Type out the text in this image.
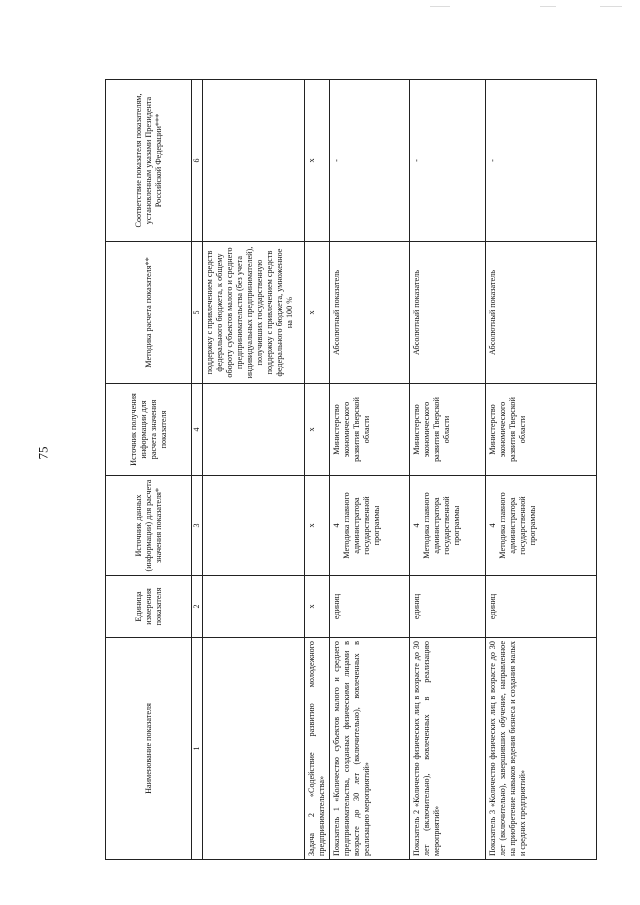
75
Наименование показателя	Единица измерения показателя	Источник данных (информации) для расчета значения показателя*	Источник получения информации для расчета значения показателя	Методика расчета показателя**	Соответствие показателя показателям, установленным указами Президента Российской Федерации***
1	2	3	4	5	6
				поддержку с привлечением средств федерального бюджета, к общему обороту субъектов малого и среднего предпринимательства (без учета индивидуальных предпринимателей), получивших государственную поддержку с привлечением средств федерального бюджета, умноженное на 100 %	
Задача 2 «Содействие развитию молодежного предпринимательства»	х	х	х	х	х
Показатель 1 «Количество субъектов малого и среднего предпринимательства, созданных физическими лицами в возрасте до 30 лет (включительно), вовлеченных в реализацию мероприятий»	единиц	4 Методика главного администратора государственной программы	Министерство экономического развития Тверской области	Абсолютный показатель	-
Показатель 2 «Количество физических лиц в возрасте до 30 лет (включительно), вовлеченных в реализацию мероприятий»	единиц	4 Методика главного администратора государственной программы	Министерство экономического развития Тверской области	Абсолютный показатель	-
Показатель 3 «Количество физических лиц в возрасте до 30 лет (включительно), завершивших обучение, направленное на приобретение навыков ведения бизнеса и создания малых и средних предприятий»	единиц	4 Методика главного администратора государственной программы	Министерство экономического развития Тверской области	Абсолютный показатель	-
